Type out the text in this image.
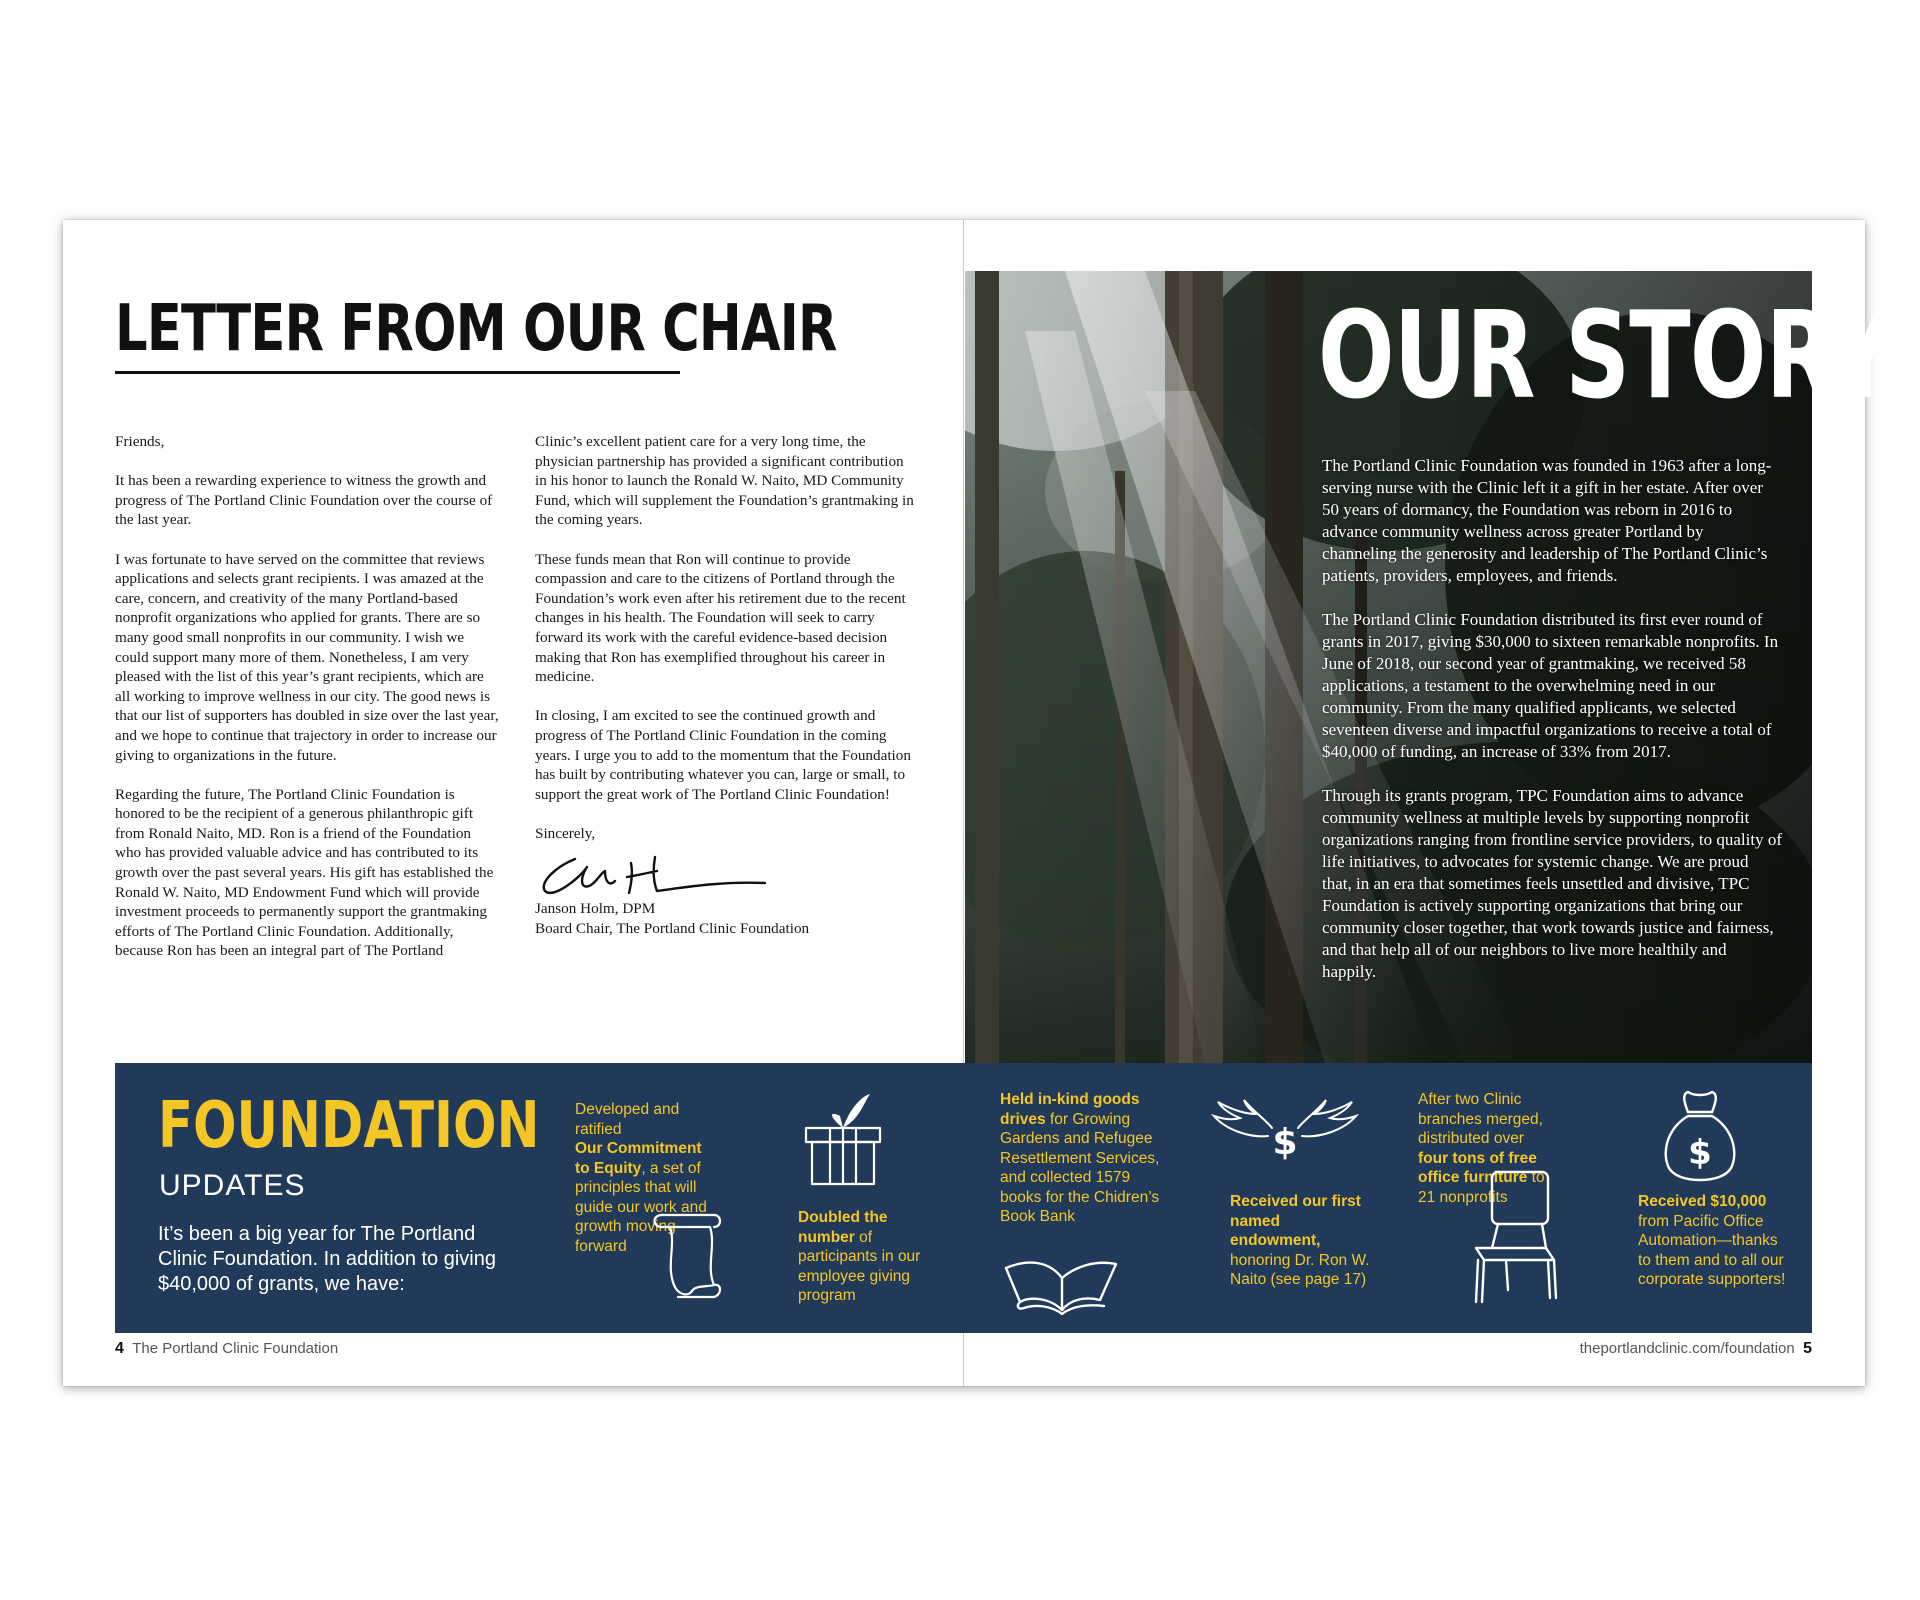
LETTER FROM OUR CHAIR

Friends,

It has been a rewarding experience to witness the growth and progress of The Portland Clinic Foundation over the course of the last year.

I was fortunate to have served on the committee that reviews applications and selects grant recipients. I was amazed at the care, concern, and creativity of the many Portland-based nonprofit organizations who applied for grants. There are so many good small nonprofits in our community. I wish we could support many more of them. Nonetheless, I am very pleased with the list of this year’s grant recipients, which are all working to improve wellness in our city. The good news is that our list of supporters has doubled in size over the last year, and we hope to continue that trajectory in order to increase our giving to organizations in the future.

Regarding the future, The Portland Clinic Foundation is honored to be the recipient of a generous philanthropic gift from Ronald Naito, MD. Ron is a friend of the Foundation who has provided valuable advice and has contributed to its growth over the past several years. His gift has established the Ronald W. Naito, MD Endowment Fund which will provide investment proceeds to permanently support the grantmaking efforts of The Portland Clinic Foundation. Additionally, because Ron has been an integral part of The Portland

Clinic’s excellent patient care for a very long time, the physician partnership has provided a significant contribution in his honor to launch the Ronald W. Naito, MD Community Fund, which will supplement the Foundation’s grantmaking in the coming years.

These funds mean that Ron will continue to provide compassion and care to the citizens of Portland through the Foundation’s work even after his retirement due to the recent changes in his health. The Foundation will seek to carry forward its work with the careful evidence-based decision making that Ron has exemplified throughout his career in medicine.

In closing, I am excited to see the continued growth and progress of The Portland Clinic Foundation in the coming years. I urge you to add to the momentum that the Foundation has built by contributing whatever you can, large or small, to support the great work of The Portland Clinic Foundation!

Sincerely,

Janson Holm, DPM
Board Chair, The Portland Clinic Foundation
OUR STORY

The Portland Clinic Foundation was founded in 1963 after a long-serving nurse with the Clinic left it a gift in her estate. After over 50 years of dormancy, the Foundation was reborn in 2016 to advance community wellness across greater Portland by channeling the generosity and leadership of The Portland Clinic’s patients, providers, employees, and friends.

The Portland Clinic Foundation distributed its first ever round of grants in 2017, giving $30,000 to sixteen remarkable nonprofits. In June of 2018, our second year of grantmaking, we received 58 applications, a testament to the overwhelming need in our community. From the many qualified applicants, we selected seventeen diverse and impactful organizations to receive a total of $40,000 of funding, an increase of 33% from 2017.

Through its grants program, TPC Foundation aims to advance community wellness at multiple levels by supporting nonprofit organizations ranging from frontline service providers, to quality of life initiatives, to advocates for systemic change. We are proud that, in an era that sometimes feels unsettled and divisive, TPC Foundation is actively supporting organizations that bring our community closer together, that work towards justice and fairness, and that help all of our neighbors to live more healthily and happily.

FOUNDATION
UPDATES
It’s been a big year for The Portland Clinic Foundation. In addition to giving $40,000 of grants, we have:
Developed and ratified
Our Commitment to Equity, a set of principles that will guide our work and growth moving forward
Doubled the number of participants in our employee giving program
Held in-kind goods drives for Growing Gardens and Refugee Resettlement Services, and collected 1579 books for the Chidren’s Book Bank
$
Received our first named endowment, honoring Dr. Ron W. Naito (see page 17)
After two Clinic branches merged, distributed over four tons of free office furniture to 21 nonprofits
$
Received $10,000 from Pacific Office Automation—thanks to them and to all our corporate supporters!
4 The Portland Clinic Foundation	theportlandclinic.com/foundation 5
